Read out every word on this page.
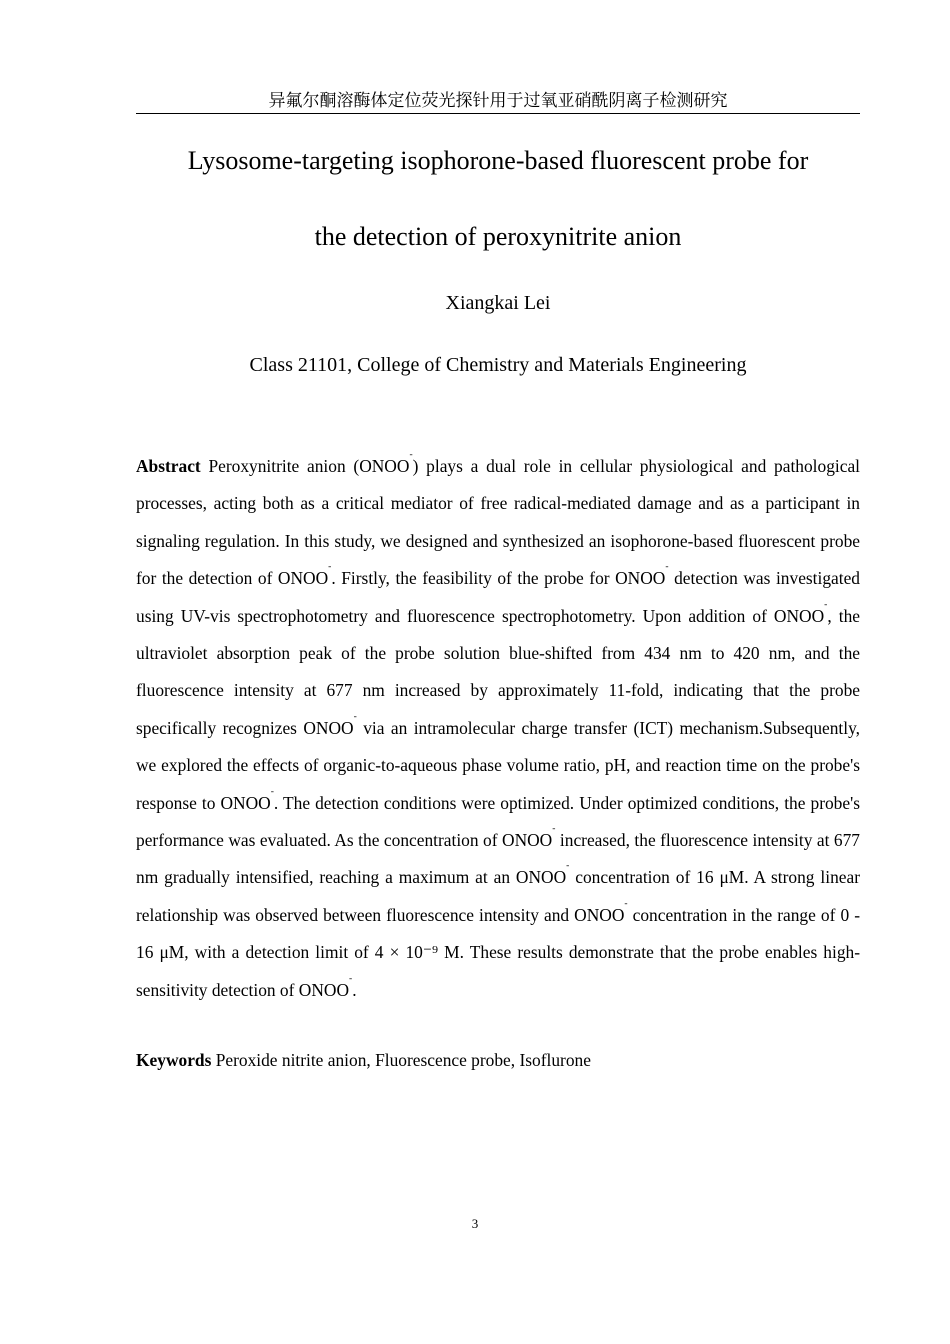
异氟尔酮溶酶体定位荧光探针用于过氧亚硝酰阴离子检测研究
Lysosome-targeting isophorone-based fluorescent probe for
the detection of peroxynitrite anion
Xiangkai Lei
Class 21101, College of Chemistry and Materials Engineering

Abstract Peroxynitrite anion (ONOO-) plays a dual role in cellular physiological and pathological processes, acting both as a critical mediator of free radical-mediated damage and as a participant in signaling regulation. In this study, we designed and synthesized an isophorone-based fluorescent probe for the detection of ONOO-. Firstly, the feasibility of the probe for ONOO- detection was investigated using UV-vis spectrophotometry and fluorescence spectrophotometry. Upon addition of ONOO-, the ultraviolet absorption peak of the probe solution blue-shifted from 434 nm to 420 nm, and the fluorescence intensity at 677 nm increased by approximately 11-fold, indicating that the probe specifically recognizes ONOO- via an intramolecular charge transfer (ICT) mechanism.Subsequently, we explored the effects of organic-to-aqueous phase volume ratio, pH, and reaction time on the probe's response to ONOO-. The detection conditions were optimized. Under optimized conditions, the probe's performance was evaluated. As the concentration of ONOO- increased, the fluorescence intensity at 677 nm gradually intensified, reaching a maximum at an ONOO- concentration of 16 μM. A strong linear relationship was observed between fluorescence intensity and ONOO- concentration in the range of 0 - 16 μM, with a detection limit of 4 × 10⁻⁹ M. These results demonstrate that the probe enables high-sensitivity detection of ONOO-.

Keywords Peroxide nitrite anion, Fluorescence probe, Isoflurone

3
